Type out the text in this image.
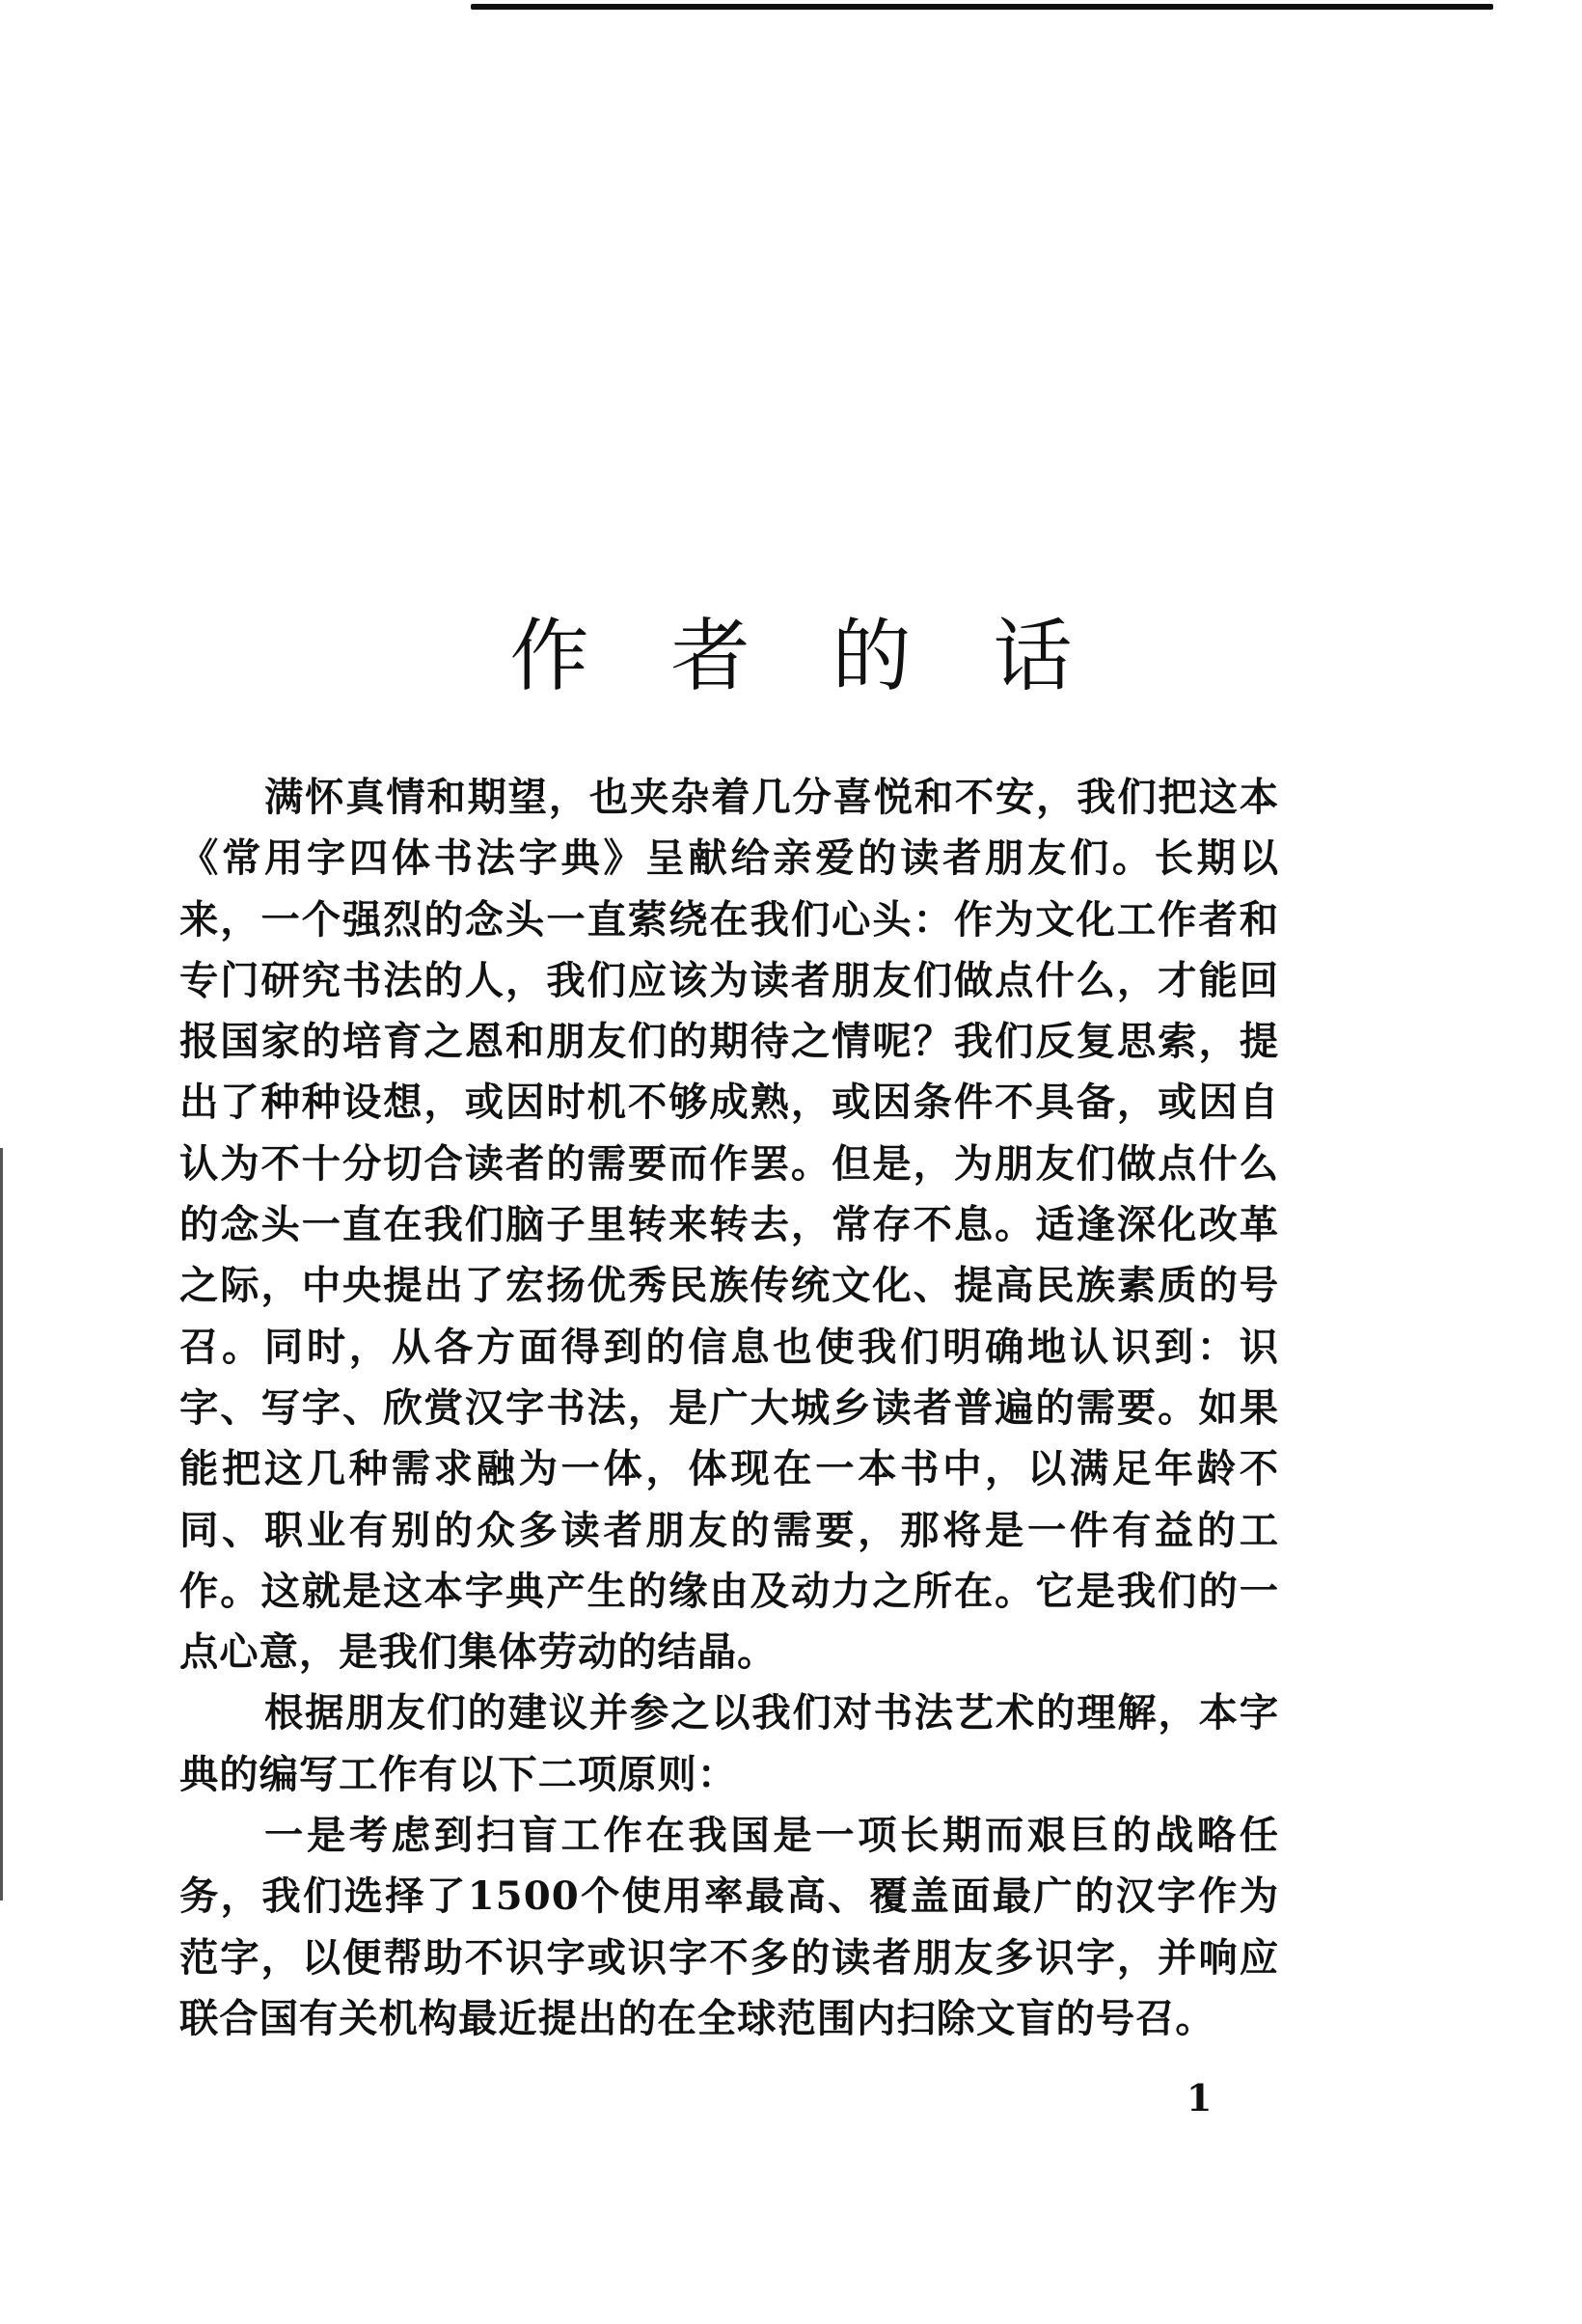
作 者 的 话

满怀真情和期望，也夹杂着几分喜悦和不安，我们把这本《常用字四体书法字典》呈献给亲爱的读者朋友们。长期以来，一个强烈的念头一直萦绕在我们心头：作为文化工作者和专门研究书法的人，我们应该为读者朋友们做点什么，才能回报国家的培育之恩和朋友们的期待之情呢？我们反复思索，提出了种种设想，或因时机不够成熟，或因条件不具备，或因自认为不十分切合读者的需要而作罢。但是，为朋友们做点什么的念头一直在我们脑子里转来转去，常存不息。适逢深化改革之际，中央提出了宏扬优秀民族传统文化、提高民族素质的号召。同时，从各方面得到的信息也使我们明确地认识到：识字、写字、欣赏汉字书法，是广大城乡读者普遍的需要。如果能把这几种需求融为一体，体现在一本书中，以满足年龄不同、职业有别的众多读者朋友的需要，那将是一件有益的工作。这就是这本字典产生的缘由及动力之所在。它是我们的一点心意，是我们集体劳动的结晶。

根据朋友们的建议并参之以我们对书法艺术的理解，本字典的编写工作有以下二项原则：

一是考虑到扫盲工作在我国是一项长期而艰巨的战略任务，我们选择了1500个使用率最高、覆盖面最广的汉字作为范字，以便帮助不识字或识字不多的读者朋友多识字，并响应联合国有关机构最近提出的在全球范围内扫除文盲的号召。

1
